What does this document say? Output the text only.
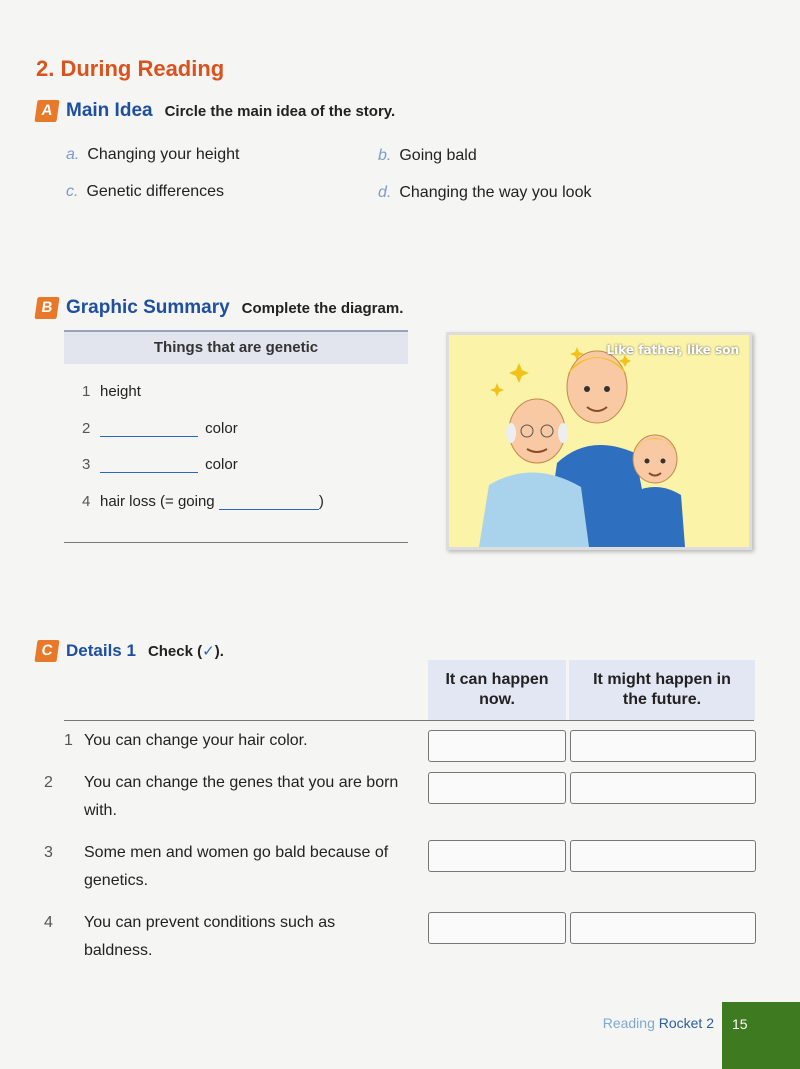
2. During Reading
A Main Idea Circle the main idea of the story.
a. Changing your height	b. Going bald
c. Genetic differences	d. Changing the way you look
B Graphic Summary Complete the diagram.
Things that are genetic
1 height
2	color
3	color
4 hair loss (= going	)
Like father, like son
C Details 1 Check (✓).
It can happen now.
It might happen in the future.
1 You can change your hair color.
2 You can change the genes that you are born with.
3 Some men and women go bald because of genetics.
4 You can prevent conditions such as baldness.
Reading Rocket 2 15
